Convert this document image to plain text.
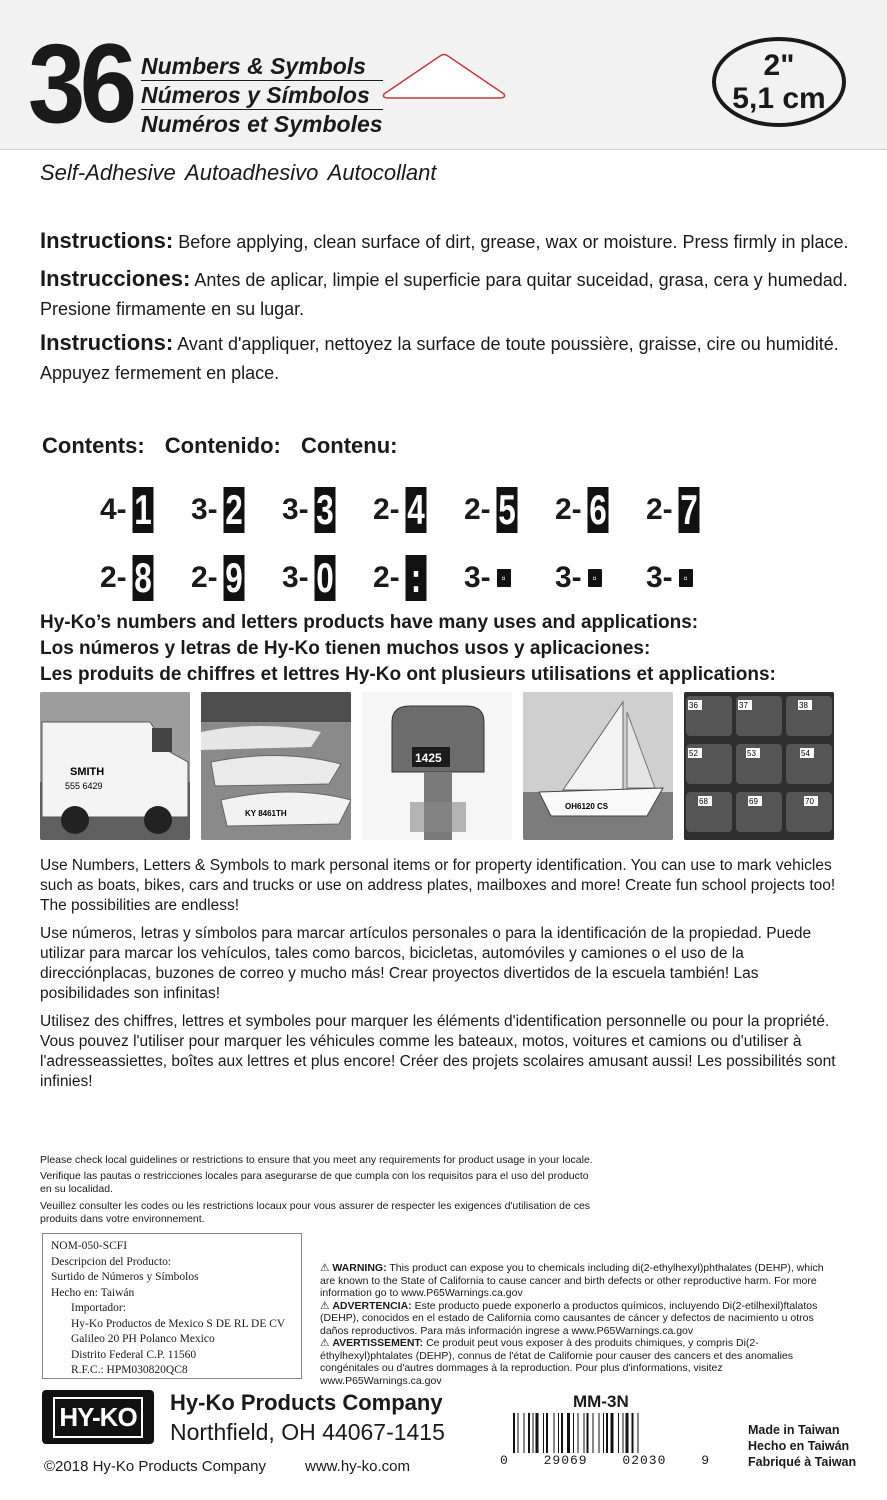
36 Numbers & Symbols
Números y Símbolos
Numéros et Symboles
2"
5,1 cm
Self-Adhesive Autoadhesivo Autocollant
Instructions: Before applying, clean surface of dirt, grease, wax or moisture. Press firmly in place.
Instrucciones: Antes de aplicar, limpie el superficie para quitar suceidad, grasa, cera y humedad. Presione firmamente en su lugar.
Instructions: Avant d'appliquer, nettoyez la surface de toute poussière, graisse, cire ou humidité. Appuyez fermement en place.
Contents: Contenido: Contenu:
4- 1 3- 2 3- 3 2- 4 2- 5 2- 6 2- 7
2- 8 2- 9 3- 0 2- : 3- ▫ 3- ▫ 3- ▫
Hy-Ko’s numbers and letters products have many uses and applications:
Los números y letras de Hy-Ko tienen muchos usos y aplicaciones:
Les produits de chiffres et lettres Hy-Ko ont plusieurs utilisations et applications:
SMITH
555 6429
KY 8461TH
1425
OH6120 CS
36	37	38
52	53	54
68	69	70
Use Numbers, Letters & Symbols to mark personal items or for property identification. You can use to mark vehicles such as boats, bikes, cars and trucks or use on address plates, mailboxes and more! Create fun school projects too! The possibilities are endless!
Use números, letras y símbolos para marcar artículos personales o para la identificación de la propiedad. Puede utilizar para marcar los vehículos, tales como barcos, bicicletas, automóviles y camiones o el uso de la direcciónplacas, buzones de correo y mucho más! Crear proyectos divertidos de la escuela también! Las posibilidades son infinitas!
Utilisez des chiffres, lettres et symboles pour marquer les éléments d'identification personnelle ou pour la propriété. Vous pouvez l'utiliser pour marquer les véhicules comme les bateaux, motos, voitures et camions ou d'utiliser à l'adresseassiettes, boîtes aux lettres et plus encore! Créer des projets scolaires amusant aussi! Les possibilités sont infinies!
Please check local guidelines or restrictions to ensure that you meet any requirements for product usage in your locale.
Verifique las pautas o restricciones locales para asegurarse de que cumpla con los requisitos para el uso del producto en su localidad.
Veuillez consulter les codes ou les restrictions locaux pour vous assurer de respecter les exigences d'utilisation de ces produits dans votre environnement.
NOM-050-SCFI
Descripcion del Producto:
Surtido de Números y Símbolos
Hecho en: Taiwán
Importador:
Hy-Ko Productos de Mexico S DE RL DE CV
Galileo 20 PH Polanco Mexico
Distrito Federal C.P. 11560
R.F.C.: HPM030820QC8
⚠ WARNING: This product can expose you to chemicals including di(2-ethylhexyl)phthalates (DEHP), which are known to the State of California to cause cancer and birth defects or other reproductive harm. For more information go to www.P65Warnings.ca.gov
⚠ ADVERTENCIA: Este producto puede exponerlo a productos químicos, incluyendo Di(2-etilhexil)ftalatos (DEHP), conocidos en el estado de California como causantes de cáncer y defectos de nacimiento u otros daños reproductivos. Para más información ingrese a www.P65Warnings.ca.gov
⚠ AVERTISSEMENT: Ce produit peut vous exposer à des produits chimiques, y compris Di(2-éthylhexyl)phtalates (DEHP), connus de l'état de Californie pour causer des cancers et des anomalies congénitales ou d'autres dommages à la reproduction. Pour plus d'informations, visitez www.P65Warnings.ca.gov
HY-KO Hy-Ko Products Company
Northfield, OH 44067-1415
©2018 Hy-Ko Products Company	www.hy-ko.com
MM-3N
0	29069	02030	9
Made in Taiwan
Hecho en Taiwán
Fabriqué à Taiwan
